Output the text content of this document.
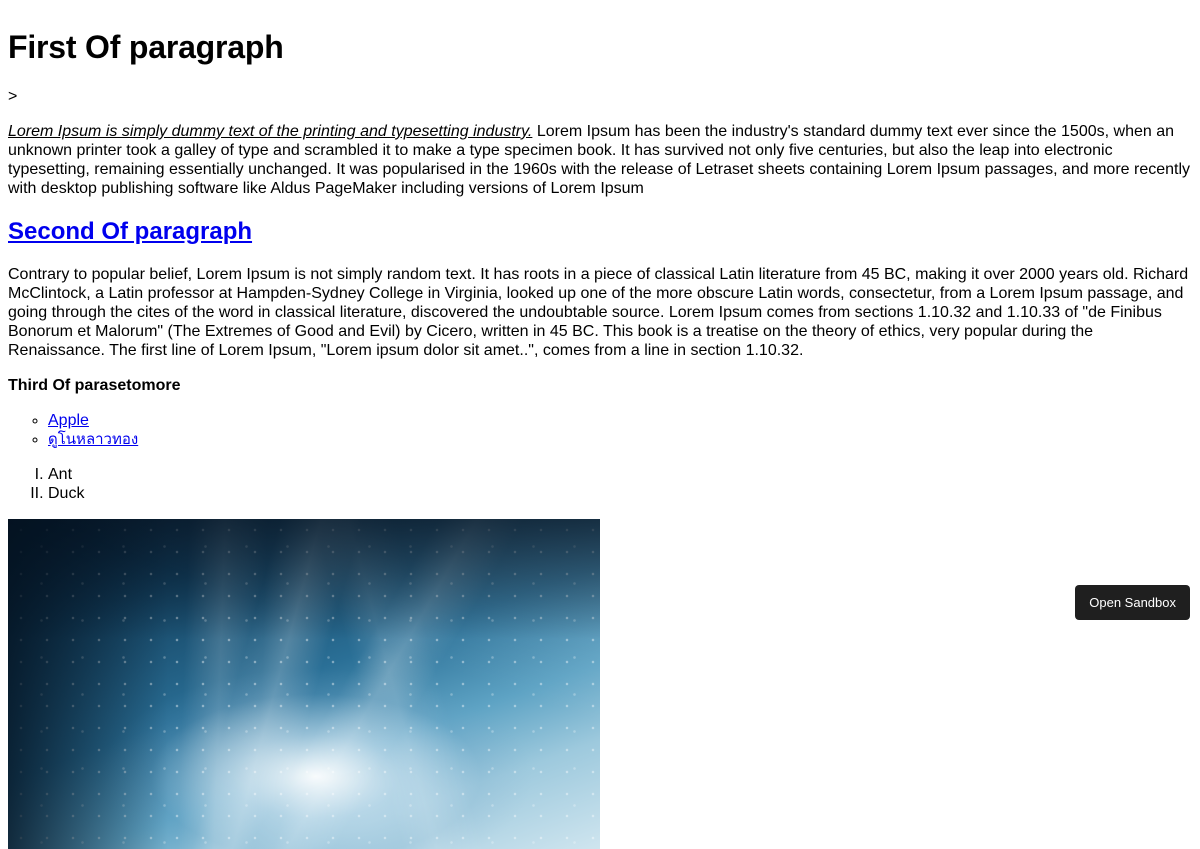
First Of paragraph
>

Lorem Ipsum is simply dummy text of the printing and typesetting industry. Lorem Ipsum has been the industry's standard dummy text ever since the 1500s, when an unknown printer took a galley of type and scrambled it to make a type specimen book. It has survived not only five centuries, but also the leap into electronic typesetting, remaining essentially unchanged. It was popularised in the 1960s with the release of Letraset sheets containing Lorem Ipsum passages, and more recently with desktop publishing software like Aldus PageMaker including versions of Lorem Ipsum

Second Of paragraph

Contrary to popular belief, Lorem Ipsum is not simply random text. It has roots in a piece of classical Latin literature from 45 BC, making it over 2000 years old. Richard McClintock, a Latin professor at Hampden-Sydney College in Virginia, looked up one of the more obscure Latin words, consectetur, from a Lorem Ipsum passage, and going through the cites of the word in classical literature, discovered the undoubtable source. Lorem Ipsum comes from sections 1.10.32 and 1.10.33 of "de Finibus Bonorum et Malorum" (The Extremes of Good and Evil) by Cicero, written in 45 BC. This book is a treatise on the theory of ethics, very popular during the Renaissance. The first line of Lorem Ipsum, "Lorem ipsum dolor sit amet..", comes from a line in section 1.10.32.

Third Of parasetomore
◦ Apple
◦ ดูโนหลาวทอง
I. Ant
II. Duck
Open Sandbox
